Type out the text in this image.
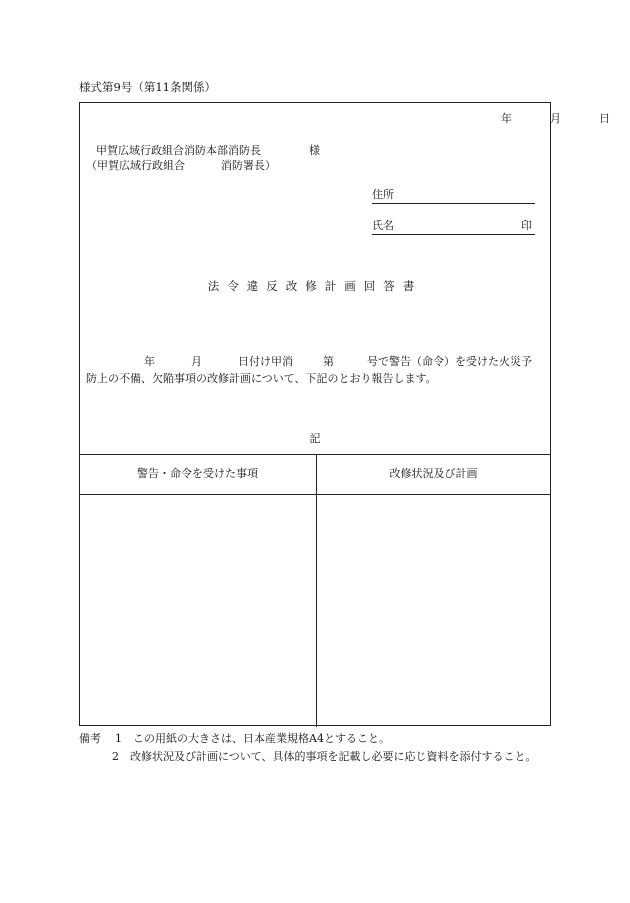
様式第9号（第11条関係）
年	月	日
甲賀広域行政組合消防本部消防長	様
（甲賀広域行政組合	消防署長）
住所
氏名	印
法令違反改修計画回答書
年	月	日付け甲消	第	号で警告（命令）を受けた火災予
防上の不備、欠陥事項の改修計画について、下記のとおり報告します。
記
警告・命令を受けた事項	改修状況及び計画
備考 1 この用紙の大きさは、日本産業規格A4とすること。
2 改修状況及び計画について、具体的事項を記載し必要に応じ資料を添付すること。
